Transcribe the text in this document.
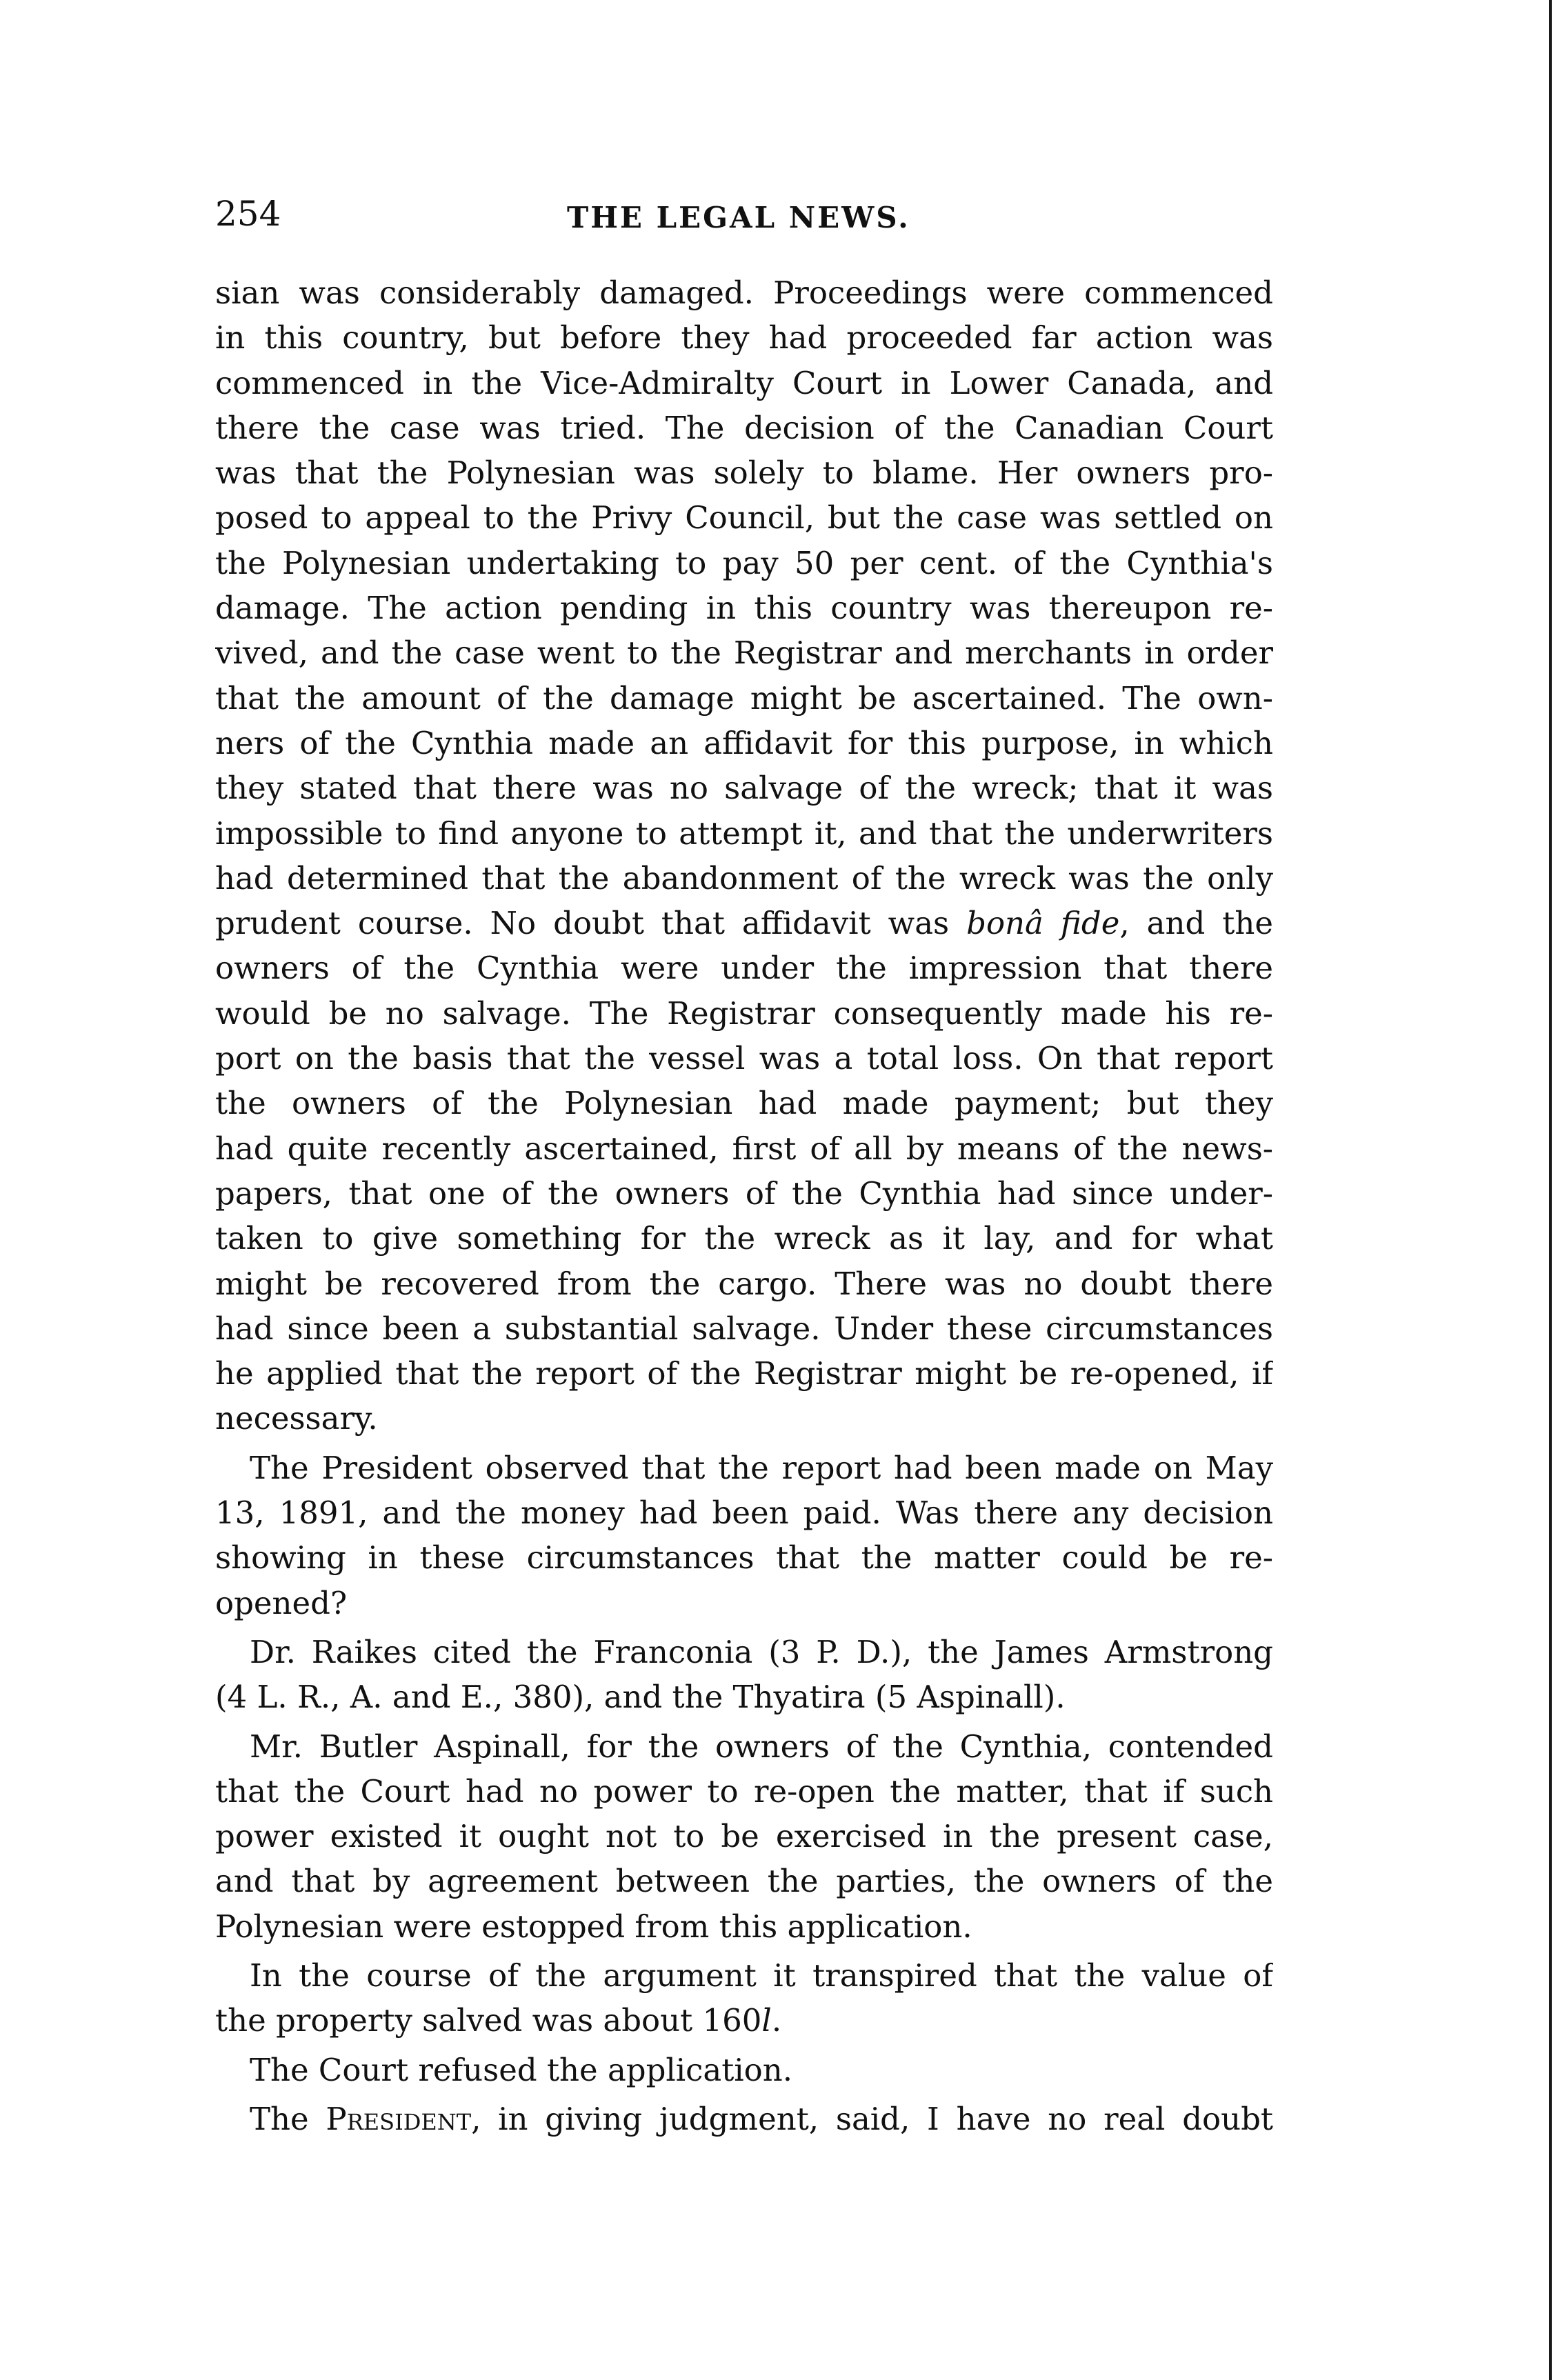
254	THE LEGAL NEWS.
sian was considerably damaged. Proceedings were commenced
in this country, but before they had proceeded far action was
commenced in the Vice-Admiralty Court in Lower Canada, and
there the case was tried. The decision of the Canadian Court
was that the Polynesian was solely to blame. Her owners pro-
posed to appeal to the Privy Council, but the case was settled on
the Polynesian undertaking to pay 50 per cent. of the Cynthia's
damage. The action pending in this country was thereupon re-
vived, and the case went to the Registrar and merchants in order
that the amount of the damage might be ascertained. The own-
ners of the Cynthia made an affidavit for this purpose, in which
they stated that there was no salvage of the wreck; that it was
impossible to find anyone to attempt it, and that the underwriters
had determined that the abandonment of the wreck was the only
prudent course. No doubt that affidavit was bonâ fide, and the
owners of the Cynthia were under the impression that there
would be no salvage. The Registrar consequently made his re-
port on the basis that the vessel was a total loss. On that report
the owners of the Polynesian had made payment; but they
had quite recently ascertained, first of all by means of the news-
papers, that one of the owners of the Cynthia had since under-
taken to give something for the wreck as it lay, and for what
might be recovered from the cargo. There was no doubt there
had since been a substantial salvage. Under these circumstances
he applied that the report of the Registrar might be re-opened, if
necessary.
The President observed that the report had been made on May
13, 1891, and the money had been paid. Was there any decision
showing in these circumstances that the matter could be re-
opened?
Dr. Raikes cited the Franconia (3 P. D.), the James Armstrong
(4 L. R., A. and E., 380), and the Thyatira (5 Aspinall).
Mr. Butler Aspinall, for the owners of the Cynthia, contended
that the Court had no power to re-open the matter, that if such
power existed it ought not to be exercised in the present case,
and that by agreement between the parties, the owners of the
Polynesian were estopped from this application.
In the course of the argument it transpired that the value of
the property salved was about 160l.
The Court refused the application.
The President, in giving judgment, said, I have no real doubt
